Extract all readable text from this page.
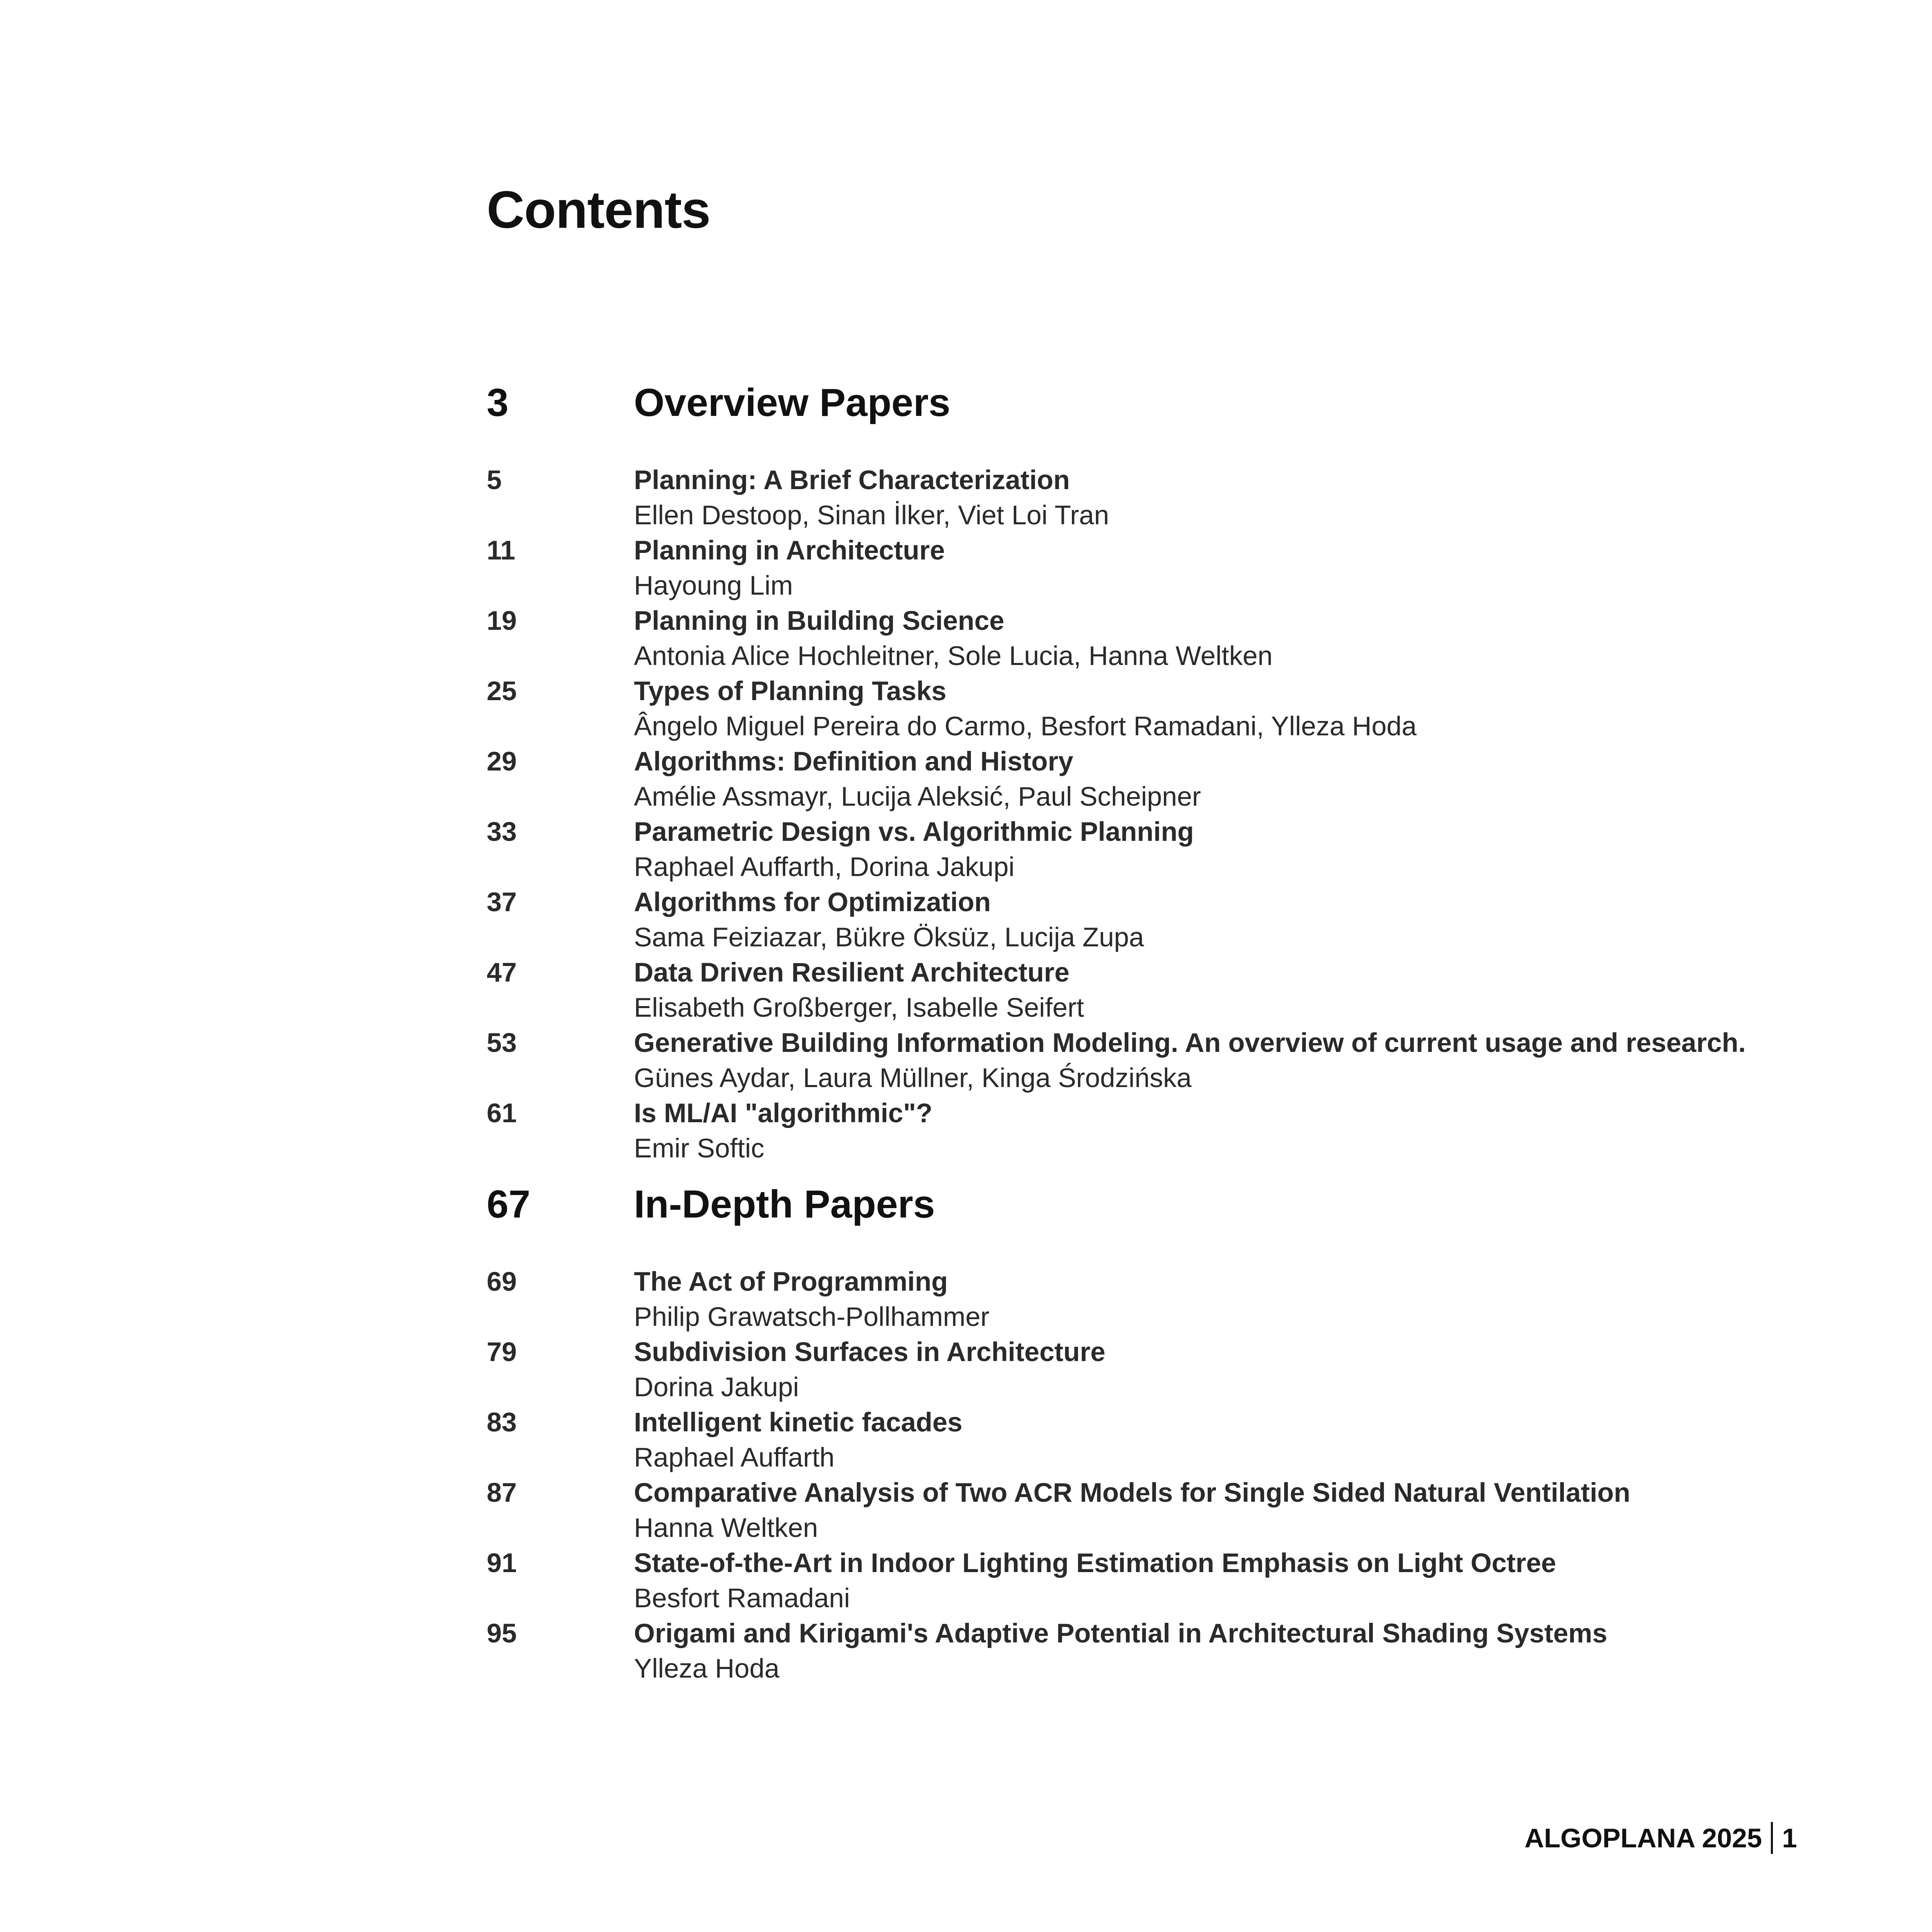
Contents
3	Overview Papers
5	Planning: A Brief Characterization
Ellen Destoop, Sinan İlker, Viet Loi Tran
11	Planning in Architecture
Hayoung Lim
19	Planning in Building Science
Antonia Alice Hochleitner, Sole Lucia, Hanna Weltken
25	Types of Planning Tasks
Ângelo Miguel Pereira do Carmo, Besfort Ramadani, Ylleza Hoda
29	Algorithms: Definition and History
Amélie Assmayr, Lucija Aleksić, Paul Scheipner
33	Parametric Design vs. Algorithmic Planning
Raphael Auffarth, Dorina Jakupi
37	Algorithms for Optimization
Sama Feiziazar, Bükre Öksüz, Lucija Zupa
47	Data Driven Resilient Architecture
Elisabeth Großberger, Isabelle Seifert
53	Generative Building Information Modeling. An overview of current usage and research.
Günes Aydar, Laura Müllner, Kinga Środzińska
61	Is ML/AI "algorithmic"?
Emir Softic
67	In-Depth Papers
69	The Act of Programming
Philip Grawatsch-Pollhammer
79	Subdivision Surfaces in Architecture
Dorina Jakupi
83	Intelligent kinetic facades
Raphael Auffarth
87	Comparative Analysis of Two ACR Models for Single Sided Natural Ventilation
Hanna Weltken
91	State-of-the-Art in Indoor Lighting Estimation Emphasis on Light Octree
Besfort Ramadani
95	Origami and Kirigami's Adaptive Potential in Architectural Shading Systems
Ylleza Hoda
ALGOPLANA 2025 1
